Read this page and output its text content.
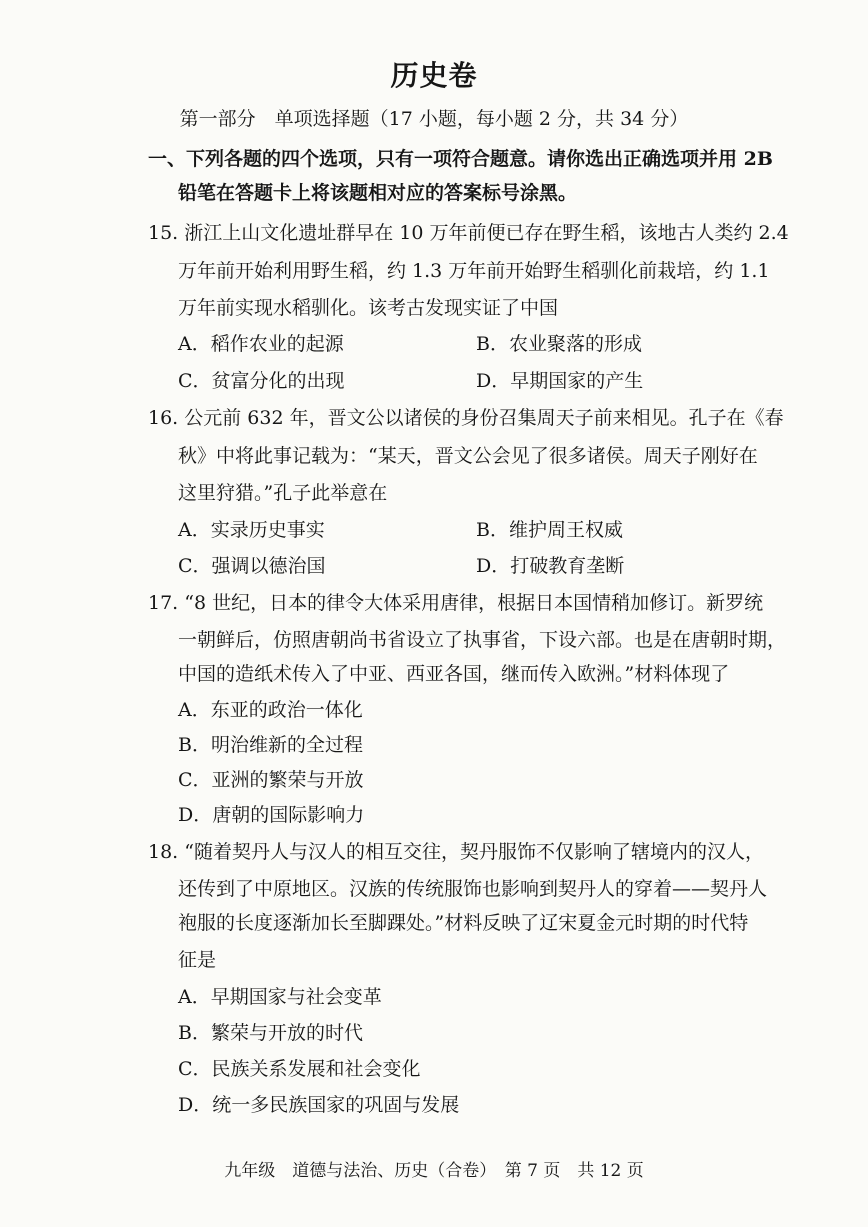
历史卷
第一部分　单项选择题（17 小题，每小题 2 分，共 34 分）
一、下列各题的四个选项，只有一项符合题意。请你选出正确选项并用 2B
铅笔在答题卡上将该题相对应的答案标号涂黑。
15. 浙江上山文化遗址群早在 10 万年前便已存在野生稻，该地古人类约 2.4
万年前开始利用野生稻，约 1.3 万年前开始野生稻驯化前栽培，约 1.1
万年前实现水稻驯化。该考古发现实证了中国
A．稻作农业的起源	B．农业聚落的形成
C．贫富分化的出现	D．早期国家的产生
16. 公元前 632 年，晋文公以诸侯的身份召集周天子前来相见。孔子在《春
秋》中将此事记载为：“某天，晋文公会见了很多诸侯。周天子刚好在
这里狩猎。”孔子此举意在
A．实录历史事实	B．维护周王权威
C．强调以德治国	D．打破教育垄断
17. “8 世纪，日本的律令大体采用唐律，根据日本国情稍加修订。新罗统
一朝鲜后，仿照唐朝尚书省设立了执事省，下设六部。也是在唐朝时期，
中国的造纸术传入了中亚、西亚各国，继而传入欧洲。”材料体现了
A．东亚的政治一体化
B．明治维新的全过程
C．亚洲的繁荣与开放
D．唐朝的国际影响力
18. “随着契丹人与汉人的相互交往，契丹服饰不仅影响了辖境内的汉人，
还传到了中原地区。汉族的传统服饰也影响到契丹人的穿着——契丹人
袍服的长度逐渐加长至脚踝处。”材料反映了辽宋夏金元时期的时代特
征是
A．早期国家与社会变革
B．繁荣与开放的时代
C．民族关系发展和社会变化
D．统一多民族国家的巩固与发展
九年级　道德与法治、历史（合卷）　第 7 页　共 12 页
